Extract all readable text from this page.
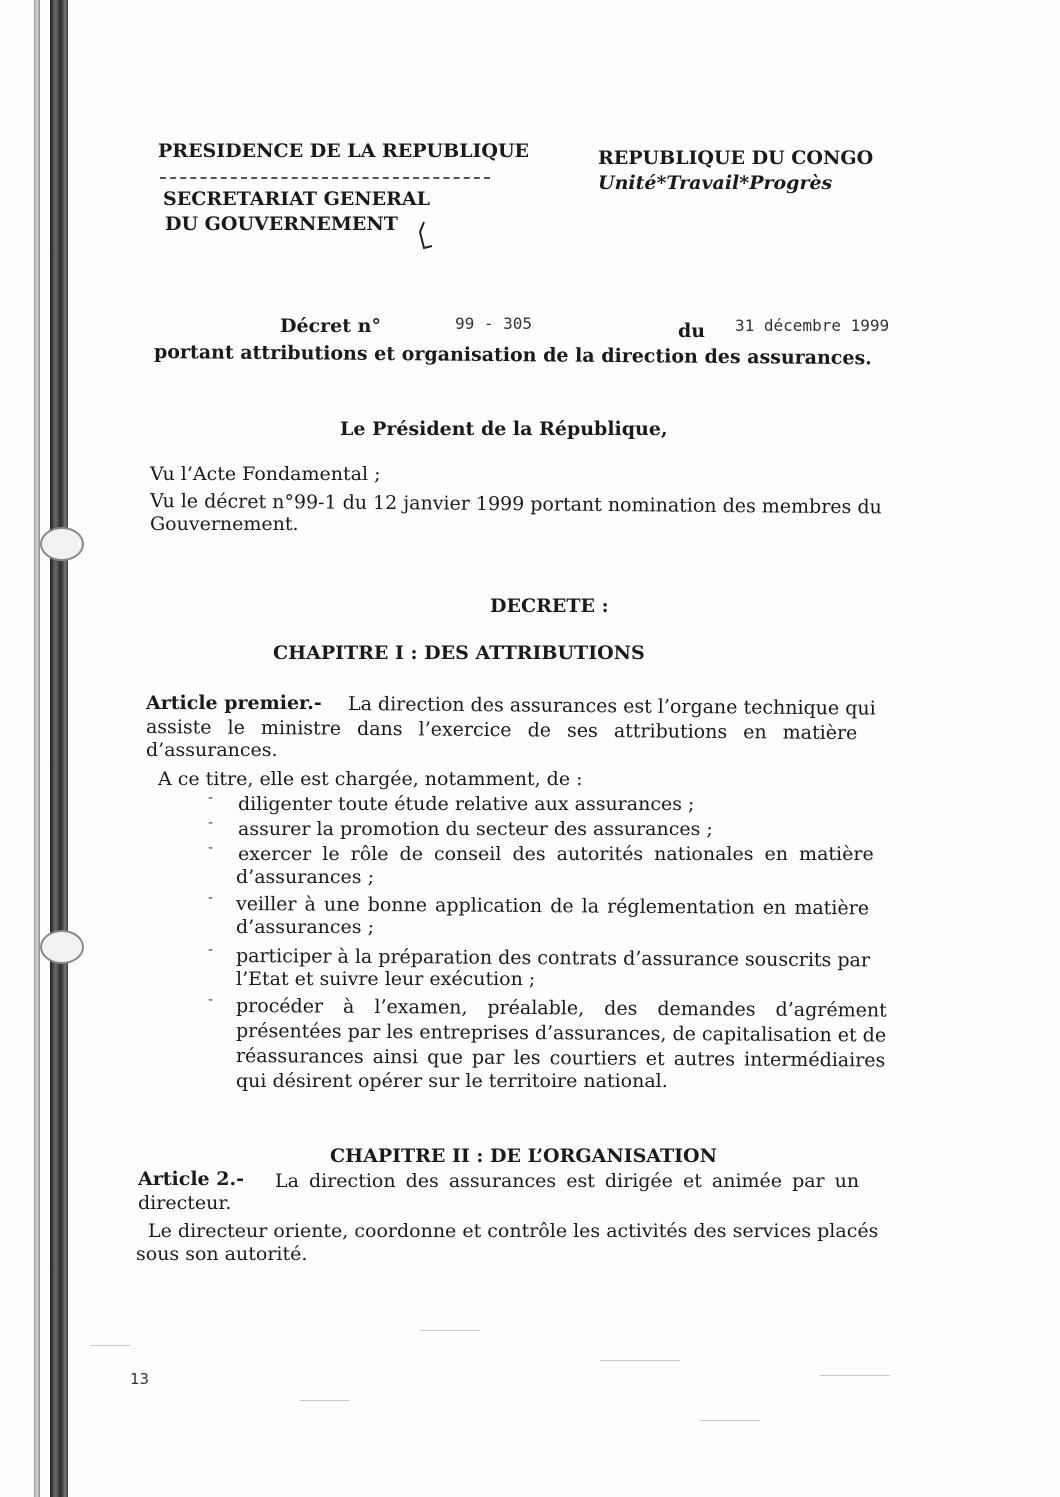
PRESIDENCE DE LA REPUBLIQUE
SECRETARIAT GENERAL
DU GOUVERNEMENT
REPUBLIQUE DU CONGO
Unité*Travail*Progrès
Décret n°	99 - 305	du 31 décembre 1999
portant attributions et organisation de la direction des assurances.
Le Président de la République,
Vu l’Acte Fondamental ;
Vu le décret n°99-1 du 12 janvier 1999 portant nomination des membres du
Gouvernement.
DECRETE :
CHAPITRE I : DES ATTRIBUTIONS
Article premier.- La direction des assurances est l’organe technique qui
assiste le ministre dans l’exercice de ses attributions en matière
d’assurances.
A ce titre, elle est chargée, notamment, de :
- diligenter toute étude relative aux assurances ;
- assurer la promotion du secteur des assurances ;
- exercer le rôle de conseil des autorités nationales en matière
d’assurances ;
- veiller à une bonne application de la réglementation en matière
d’assurances ;
- participer à la préparation des contrats d’assurance souscrits par
l’Etat et suivre leur exécution ;
- procéder à l’examen, préalable, des demandes d’agrément
présentées par les entreprises d’assurances, de capitalisation et de
réassurances ainsi que par les courtiers et autres intermédiaires
qui désirent opérer sur le territoire national.
CHAPITRE II : DE L’ORGANISATION
Article 2.- La direction des assurances est dirigée et animée par un
directeur.
Le directeur oriente, coordonne et contrôle les activités des services placés
sous son autorité.
13
